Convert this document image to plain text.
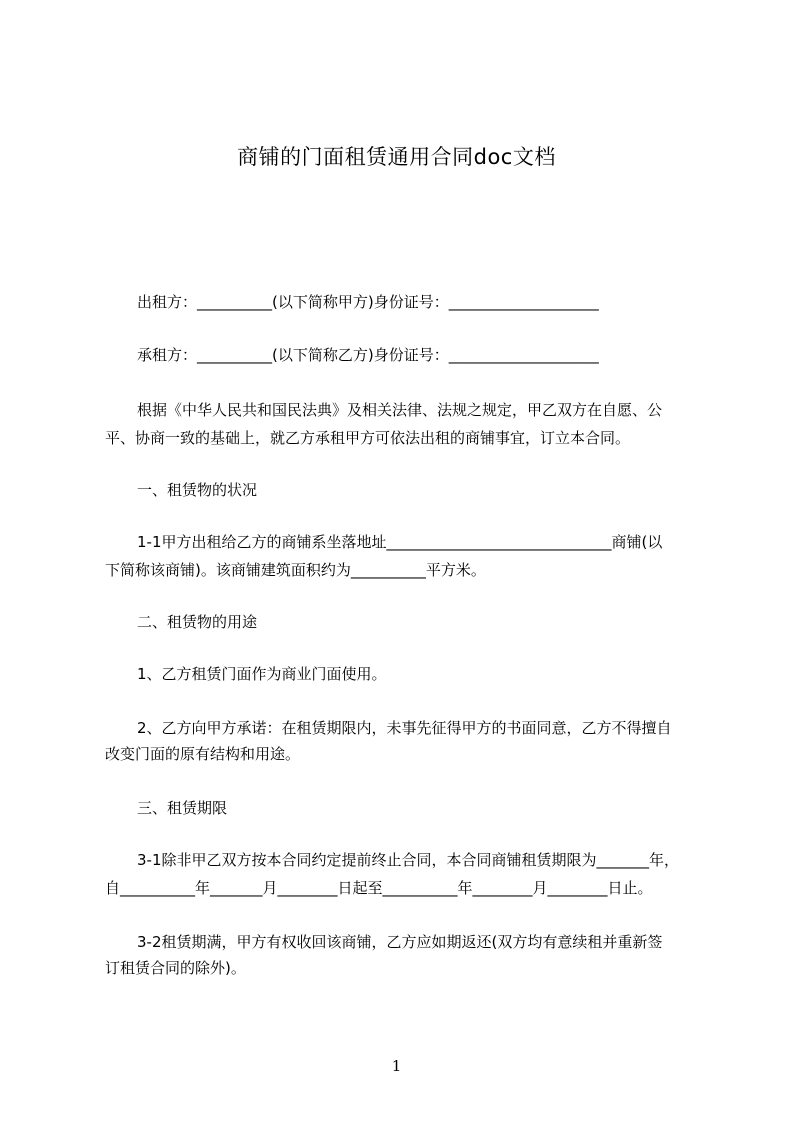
商铺的门面租赁通用合同doc文档
出租方：__________(以下简称甲方)身份证号：____________________
承租方：__________(以下简称乙方)身份证号：____________________
根据《中华人民共和国民法典》及相关法律、法规之规定，甲乙双方在自愿、公
平、协商一致的基础上，就乙方承租甲方可依法出租的商铺事宜，订立本合同。
一、租赁物的状况
1-1甲方出租给乙方的商铺系坐落地址______________________________商铺(以
下简称该商铺)。该商铺建筑面积约为__________平方米。
二、租赁物的用途
1、乙方租赁门面作为商业门面使用。
2、乙方向甲方承诺：在租赁期限内，未事先征得甲方的书面同意，乙方不得擅自
改变门面的原有结构和用途。
三、租赁期限
3-1除非甲乙双方按本合同约定提前终止合同，本合同商铺租赁期限为_______年，
自__________年_______月________日起至__________年________月________日止。
3-2租赁期满，甲方有权收回该商铺，乙方应如期返还(双方均有意续租并重新签
订租赁合同的除外)。
1
